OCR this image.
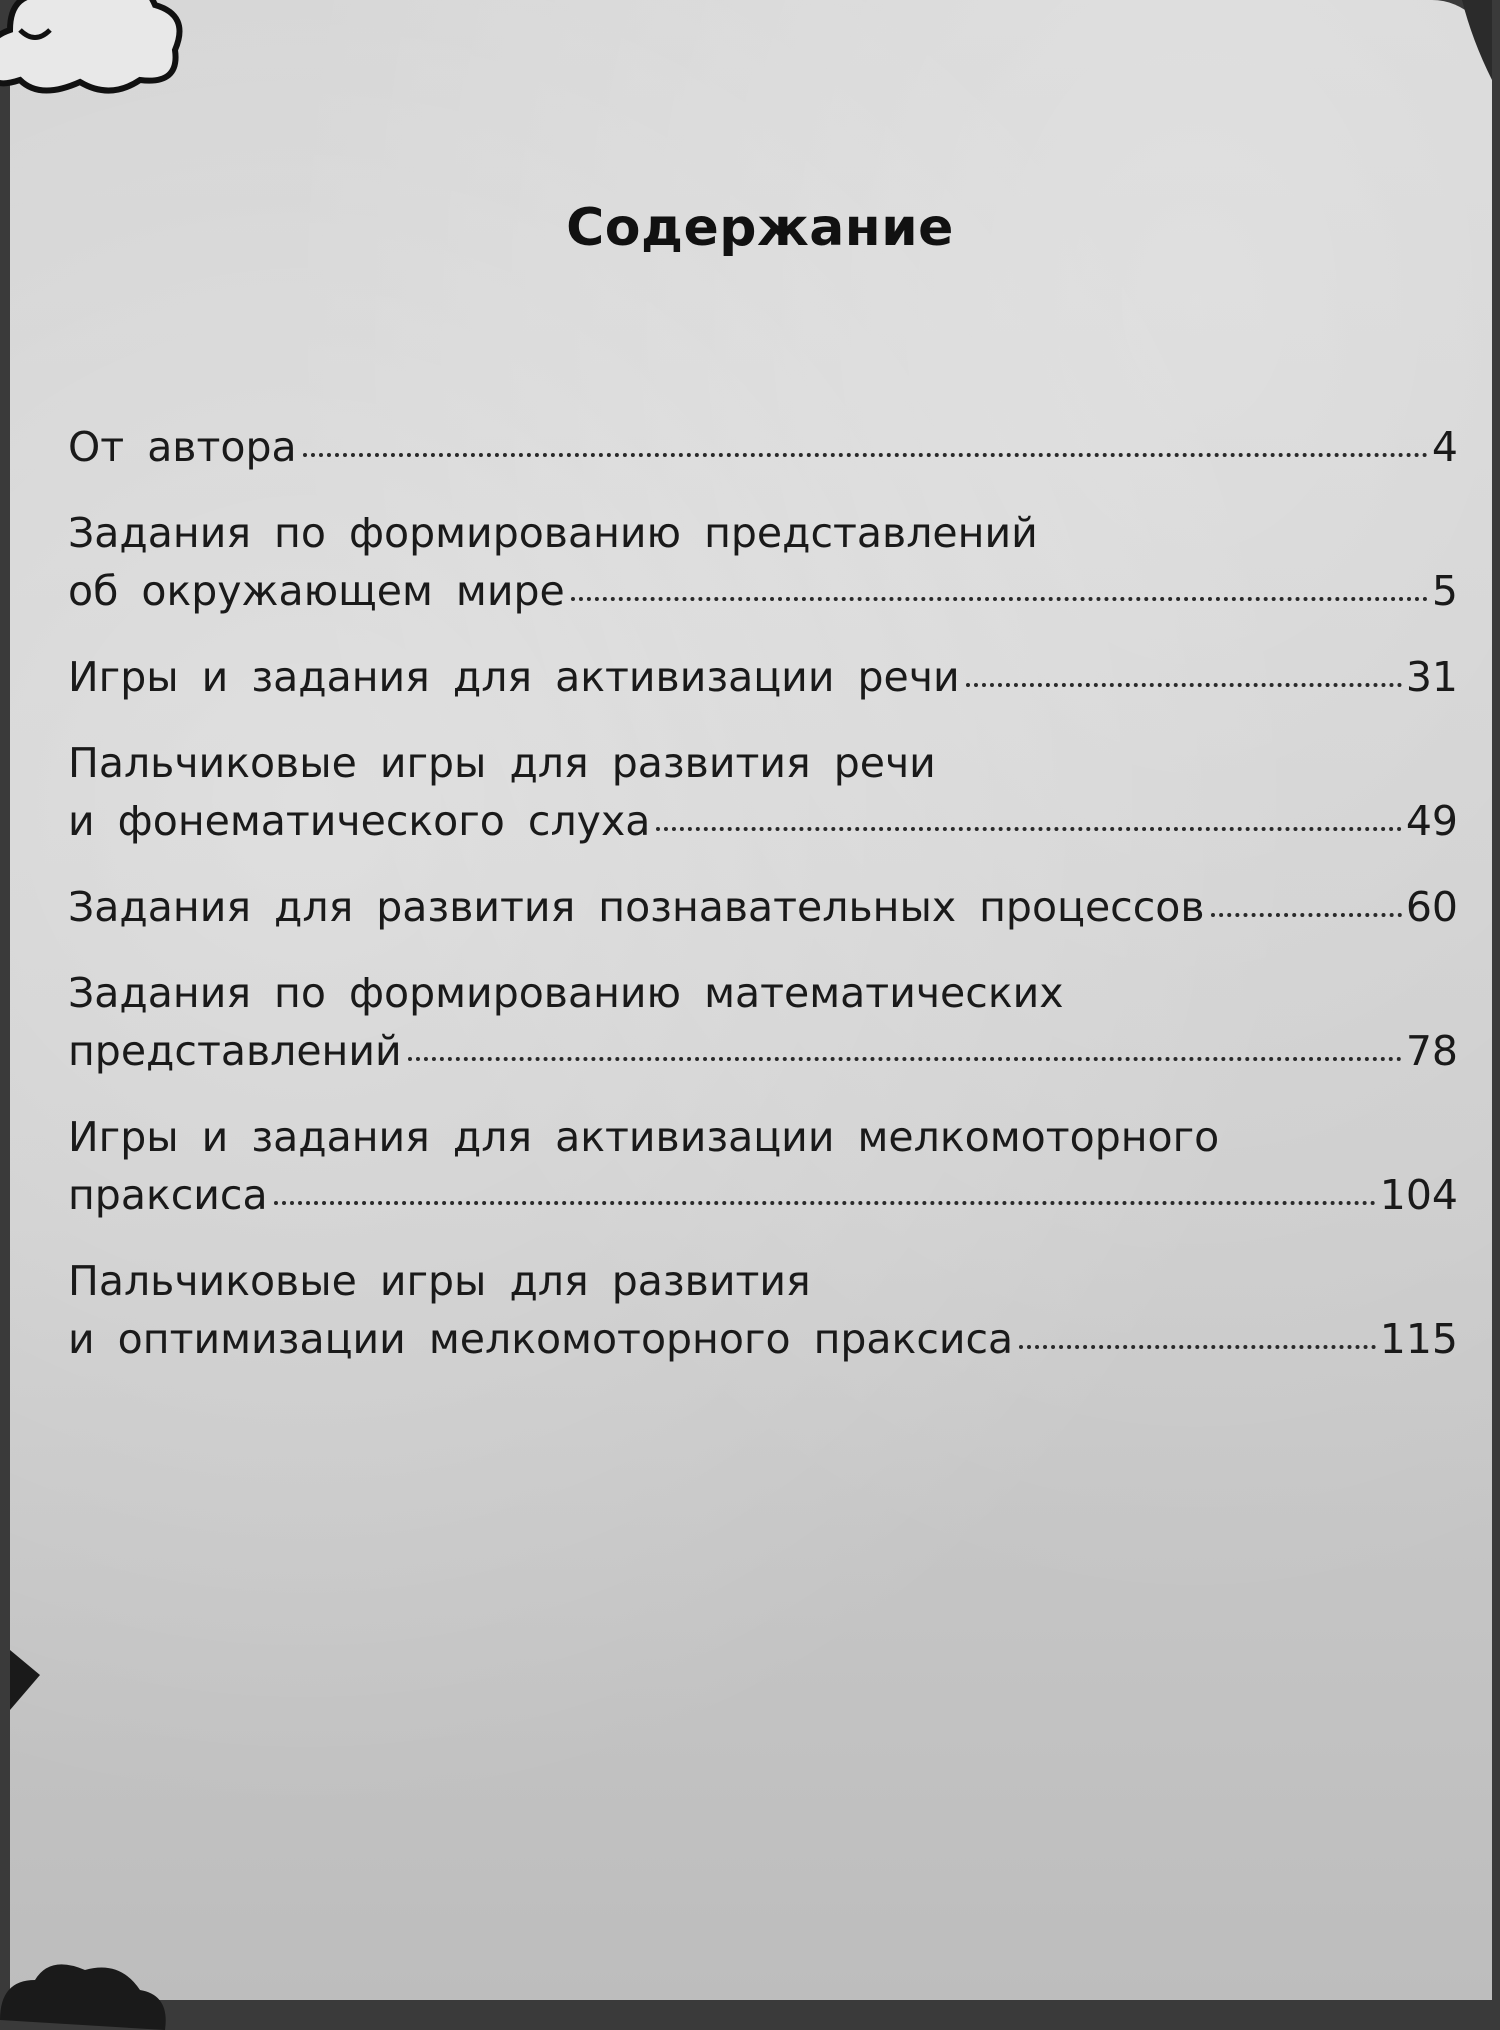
Содержание
От автора	4
Задания по формированию представлений
об окружающем мире	5
Игры и задания для активизации речи	31
Пальчиковые игры для развития речи
и фонематического слуха	49
Задания для развития познавательных процессов	60
Задания по формированию математических
представлений	78
Игры и задания для активизации мелкомоторного
праксиса	104
Пальчиковые игры для развития
и оптимизации мелкомоторного праксиса	115
